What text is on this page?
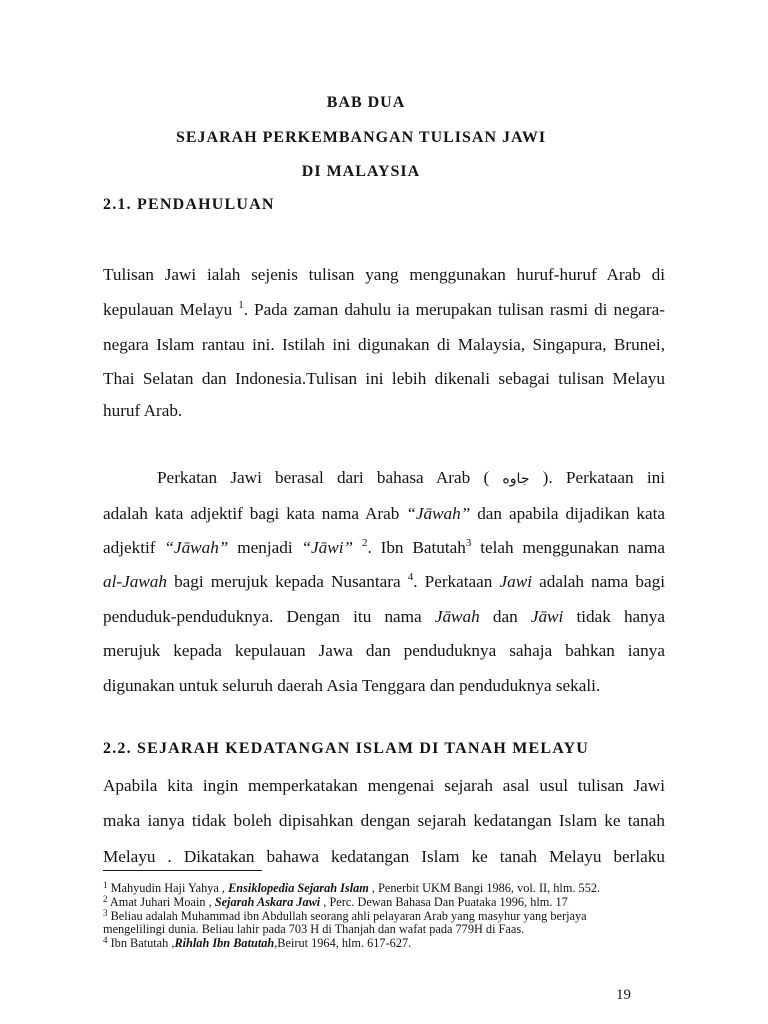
BAB DUA
SEJARAH PERKEMBANGAN TULISAN JAWI
DI MALAYSIA
2.1. PENDAHULUAN
Tulisan Jawi ialah sejenis tulisan yang menggunakan huruf-huruf Arab di
kepulauan Melayu $^1$. Pada zaman dahulu ia merupakan tulisan rasmi di negara-
negara Islam rantau ini. Istilah ini digunakan di Malaysia, Singapura, Brunei,
Thai Selatan dan Indonesia.Tulisan ini lebih dikenali sebagai tulisan Melayu
huruf Arab.
Perkatan Jawi berasal dari bahasa Arab ( جاوه ). Perkataan ini
adalah kata adjektif bagi kata nama Arab “Jāwah” dan apabila dijadikan kata
adjektif “Jāwah” menjadi “Jāwi” $^2$. Ibn Batutah$^3$ telah menggunakan nama
al-Jawah bagi merujuk kepada Nusantara $^4$. Perkataan Jawi adalah nama bagi
penduduk-penduduknya. Dengan itu nama Jāwah dan Jāwi tidak hanya
merujuk kepada kepulauan Jawa dan penduduknya sahaja bahkan ianya
digunakan untuk seluruh daerah Asia Tenggara dan penduduknya sekali.
2.2. SEJARAH KEDATANGAN ISLAM DI TANAH MELAYU
Apabila kita ingin memperkatakan mengenai sejarah asal usul tulisan Jawi
maka ianya tidak boleh dipisahkan dengan sejarah kedatangan Islam ke tanah
Melayu . Dikatakan bahawa kedatangan Islam ke tanah Melayu berlaku
$^1$ Mahyudin Haji Yahya , Ensiklopedia Sejarah Islam , Penerbit UKM Bangi 1986, vol. II, hlm. 552.
$^2$ Amat Juhari Moain , Sejarah Askara Jawi , Perc. Dewan Bahasa Dan Puataka 1996, hlm. 17
$^3$ Beliau adalah Muhammad ibn Abdullah seorang ahli pelayaran Arab yang masyhur yang berjaya
mengelilingi dunia. Beliau lahir pada 703 H di Thanjah dan wafat pada 779H di Faas.
$^4$ Ibn Batutah ,Rihlah Ibn Batutah,Beirut 1964, hlm. 617-627.
19
